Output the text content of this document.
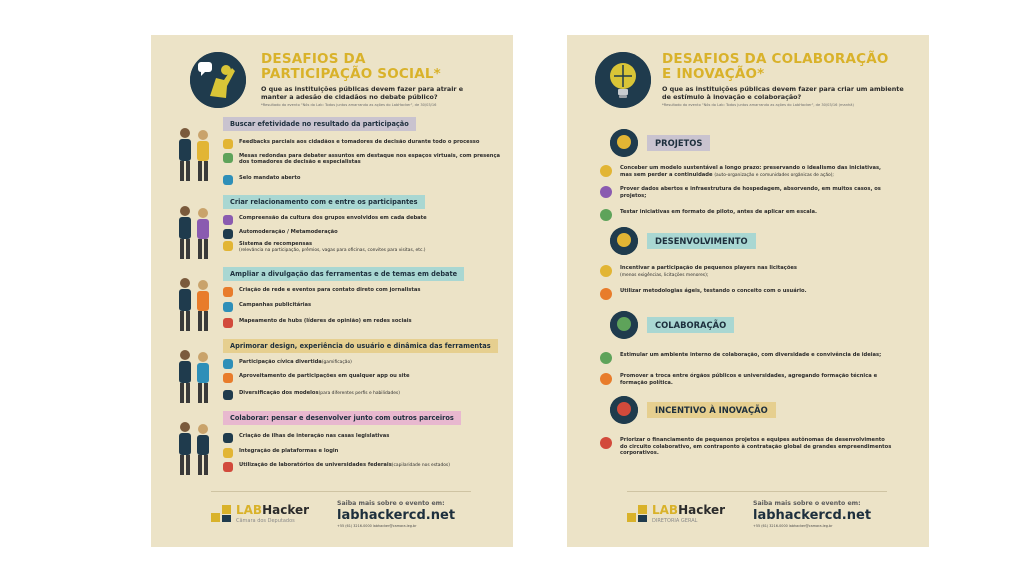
DESAFIOS DA
PARTICIPAÇÃO SOCIAL*
O que as instituições públicas devem fazer para atrair e manter a adesão de cidadãos no debate público?
*Resultado do evento "Nós do Lab: Todos juntos amarrando as ações do LabHacker", de 30/03/16
Buscar efetividade no resultado da participação
Feedbacks parciais aos cidadãos e tomadores de decisão durante todo o processo
Mesas redondas para debater assuntos em destaque nos espaços virtuais, com presença dos tomadores de decisão e especialistas
Selo mandato aberto
Criar relacionamento com e entre os participantes
Compreensão da cultura dos grupos envolvidos em cada debate
Automoderação / Metamoderação
Sistema de recompensas
(relevância na participação, prêmios, vagas para oficinas, convites para visitas, etc.)
Ampliar a divulgação das ferramentas e de temas em debate
Criação de rede e eventos para contato direto com jornalistas
Campanhas publicitárias
Mapeamento de hubs (líderes de opinião) em redes sociais
Aprimorar design, experiência do usuário e dinâmica das ferramentas
Participação cívica divertida(gamificação)
Aproveitamento de participações em qualquer app ou site
Diversificação dos modelos(para diferentes perfis e habilidades)
Colaborar: pensar e desenvolver junto com outros parceiros
Criação de ilhas de interação nas casas legislativas
Integração de plataformas e login
Utilização de laboratórios de universidades federais(capilaridade nos estados)
LABHacker
Câmara dos Deputados
Saiba mais sobre o evento em:
labhackercd.net
+55 (61) 3216-0000 labhacker@camara.leg.br
DESAFIOS DA COLABORAÇÃO
E INOVAÇÃO*
O que as instituições públicas devem fazer para criar um ambiente de estímulo à inovação e colaboração?
*Resultado do evento "Nós do Lab: Todos juntos amarrando as ações do LabHacker", de 30/03/16 (manhã)
PROJETOS
Conceber um modelo sustentável a longo prazo: preservando o idealismo das iniciativas, mas sem perder a continuidade (auto-organização e comunidades orgânicas de ação);
Prover dados abertos e infraestrutura de hospedagem, absorvendo, em muitos casos, os projetos;
Testar iniciativas em formato de piloto, antes de aplicar em escala.
DESENVOLVIMENTO
Incentivar a participação de pequenos players nas licitações
(menos exigências, licitações menores);
Utilizar metodologias ágeis, testando o conceito com o usuário.
COLABORAÇÃO
Estimular um ambiente interno de colaboração, com diversidade e convivência de ideias;
Promover a troca entre órgãos públicos e universidades, agregando formação técnica e formação política.
INCENTIVO À INOVAÇÃO
Priorizar o financiamento de pequenos projetos e equipes autônomas de desenvolvimento do circuito colaborativo, em contraponto à contratação global de grandes empreendimentos corporativos.
LABHacker
DIRETORIA GERAL
Saiba mais sobre o evento em:
labhackercd.net
+55 (61) 3216-0000 labhacker@camara.leg.br
